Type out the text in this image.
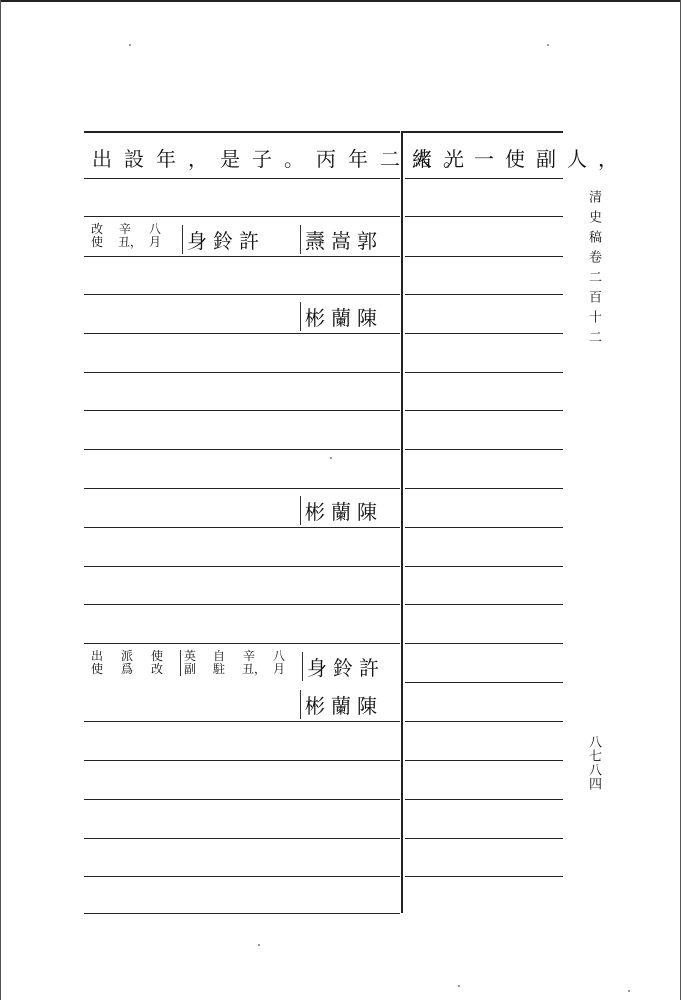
出設年，是子。丙年二緒光
人。一使副人，
改使
辛丑，
八月 身鈴許 燾嵩郭
彬蘭陳
彬蘭陳
出使
派爲
使改
英副
自駐
辛丑，
八月 身鈴許
彬蘭陳
清史稿卷二百十二
八七八四
